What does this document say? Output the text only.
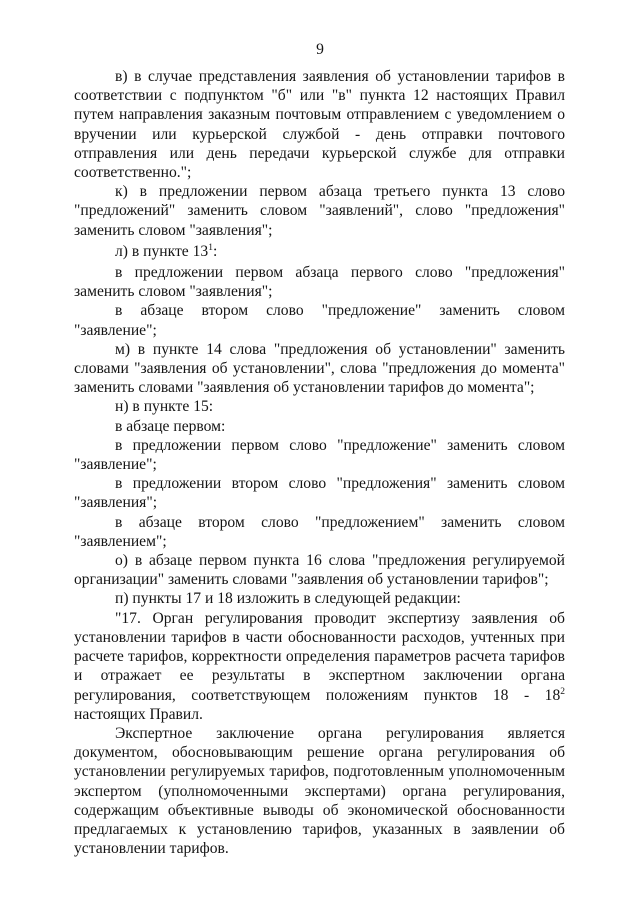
9

в) в случае представления заявления об установлении тарифов в соответствии с подпунктом "б" или "в" пункта 12 настоящих Правил путем направления заказным почтовым отправлением с уведомлением о вручении или курьерской службой - день отправки почтового отправления или день передачи курьерской службе для отправки соответственно.";

к) в предложении первом абзаца третьего пункта 13 слово "предложений" заменить словом "заявлений", слово "предложения" заменить словом "заявления";

л) в пункте $13^1$:

в предложении первом абзаца первого слово "предложения" заменить словом "заявления";

в абзаце втором слово "предложение" заменить словом "заявление";

м) в пункте 14 слова "предложения об установлении" заменить словами "заявления об установлении", слова "предложения до момента" заменить словами "заявления об установлении тарифов до момента";

н) в пункте 15:

в абзаце первом:

в предложении первом слово "предложение" заменить словом "заявление";

в предложении втором слово "предложения" заменить словом "заявления";

в абзаце втором слово "предложением" заменить словом "заявлением";

о) в абзаце первом пункта 16 слова "предложения регулируемой организации" заменить словами "заявления об установлении тарифов";

п) пункты 17 и 18 изложить в следующей редакции:

"17. Орган регулирования проводит экспертизу заявления об установлении тарифов в части обоснованности расходов, учтенных при расчете тарифов, корректности определения параметров расчета тарифов и отражает ее результаты в экспертном заключении органа регулирования, соответствующем положениям пунктов $18 - 18^2$ настоящих Правил.

Экспертное заключение органа регулирования является документом, обосновывающим решение органа регулирования об установлении регулируемых тарифов, подготовленным уполномоченным экспертом (уполномоченными экспертами) органа регулирования, содержащим объективные выводы об экономической обоснованности предлагаемых к установлению тарифов, указанных в заявлении об установлении тарифов.
